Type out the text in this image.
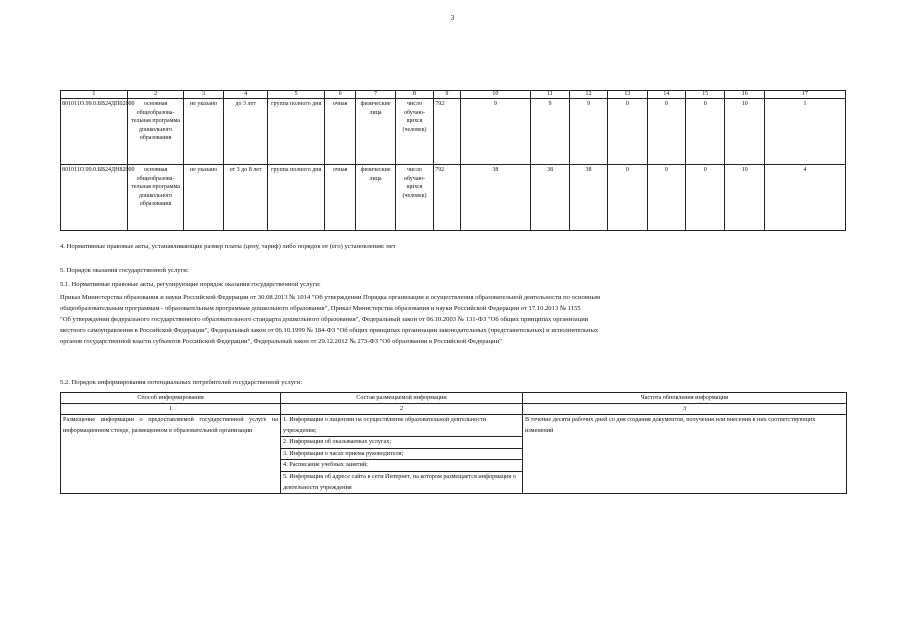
3
1	2	3	4	5	6	7	8	9	10	11	12	13	14	15	16	17
801011О.99.0.БВ24ДП02000	основная общеобразова-тельная программа дошкольного образования	не указано	до 3 лет	группа полного дня	очная	физические лица	число обучаю-щихся (человек)	792	9	9	9	0	0	0	10	1
801011О.99.0.БВ24ДН82000	основная общеобразова-тельная программа дошкольного образования	не указано	от 3 до 8 лет	группа полного дня	очная	физические лица	число обучаю-щихся (человек)	792	38	38	38	0	0	0	10	4
4. Нормативные правовые акты, устанавливающие размер платы (цену, тариф) либо порядок ее (его) установления: нет
5. Порядок оказания государственной услуги:
5.1. Нормативные правовые акты, регулирующие порядок оказания государственной услуги:
Приказ Министерства образования и науки Российской Федерации от 30.08.2013 № 1014 "Об утверждении Порядка организации и осуществления образовательной деятельности по основным
общеобразовательным программам - образовательным программам дошкольного образования", Приказ Министерства образования и науки Российской Федерации от 17.10.2013 № 1155
"Об утверждении федерального государственного образовательного стандарта дошкольного образования", Федеральный закон от 06.10.2003 № 131-ФЗ "Об общих принципах организации
местного самоуправления в Российской Федерации", Федеральный закон от 06.10.1999 № 184-ФЗ "Об общих принципах организации законодательных (представительных) и исполнительных
органов государственной власти субъектов Российской Федерации", Федеральный закон от 29.12.2012 № 273-ФЗ "Об образовании в Российской Федерации"
5.2. Порядок информирования потенциальных потребителей государственной услуги:
Способ информирования	Состав размещаемой информации	Частота обновления информации
1	2	3
Размещение информации о предоставляемой государственной услуге на информационном стенде, размещенном в образовательной организации	1. Информация о лицензии на осуществление образовательной деятельности учреждения;
2. Информация об оказываемых услугах;
3. Информация о часах приема руководителя;
4. Расписание учебных занятий;
5. Информация об адресе сайта в сети Интернет, на котором размещается информация о деятельности учреждения	В течение десяти рабочих дней со дня создания документов, получения или внесения в них соответствующих изменений
